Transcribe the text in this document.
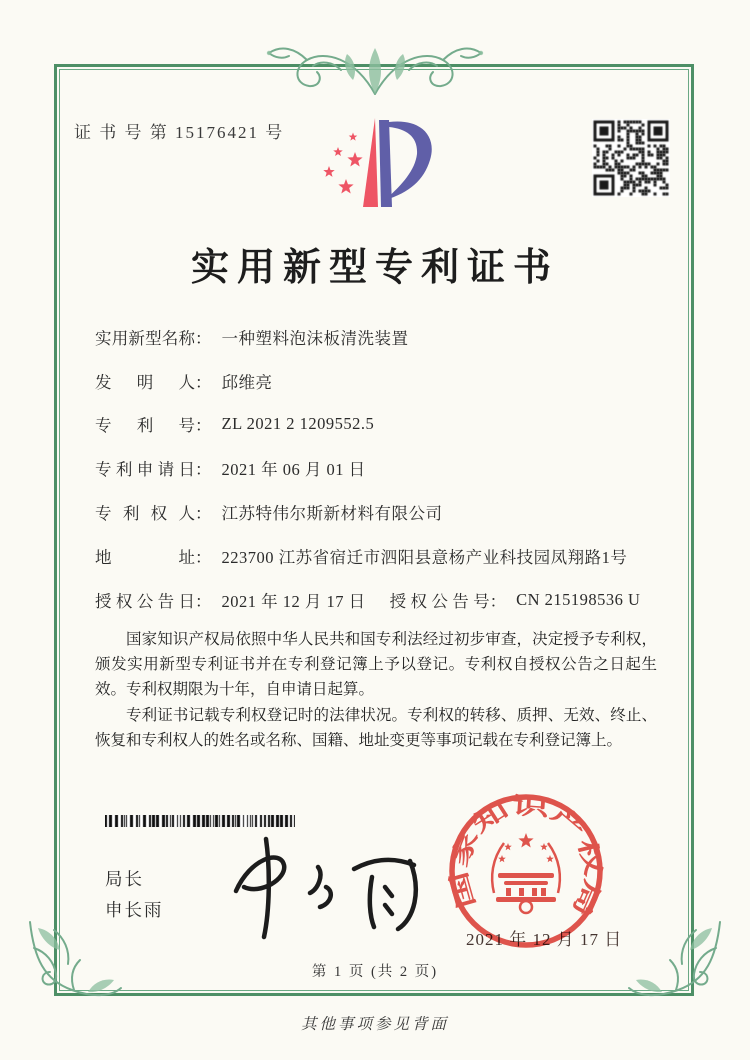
证 书 号 第 15176421 号
实用新型专利证书
实用新型名称 ： 一种塑料泡沫板清洗装置
发明人 ： 邱维亮
专利号 ： ZL 2021 2 1209552.5
专利申请日 ： 2021 年 06 月 01 日
专利权人 ： 江苏特伟尔斯新材料有限公司
地址 ： 223700 江苏省宿迁市泗阳县意杨产业科技园凤翔路1号
授权公告日 ： 2021 年 12 月 17 日 授权公告号 ： CN 215198536 U

国家知识产权局依照中华人民共和国专利法经过初步审查，决定授予专利权，颁发实用新型专利证书并在专利登记簿上予以登记。专利权自授权公告之日起生效。专利权期限为十年，自申请日起算。

专利证书记载专利权登记时的法律状况。专利权的转移、质押、无效、终止、恢复和专利权人的姓名或名称、国籍、地址变更等事项记载在专利登记簿上。

局长
申长雨
2021 年 12 月 17 日
国家知识产权局
第 1 页 (共 2 页)
其他事项参见背面
